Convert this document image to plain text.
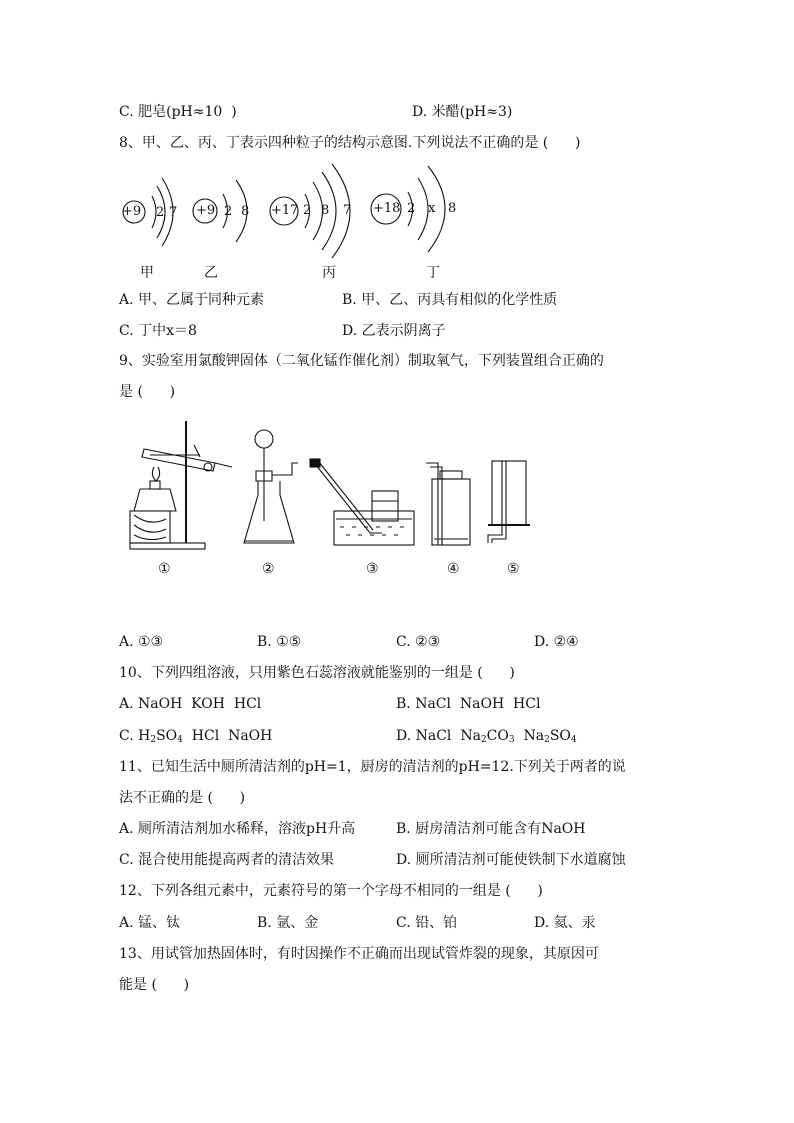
C. 肥皂(pH≈10  )	D. 米醋(pH≈3)
8、甲、乙、丙、丁表示四种粒子的结构示意图.下列说法不正确的是 (      )
+9	+9	+17	+18
2 7	2 8	2 8 7	2 x 8
甲	乙	丙	丁
A. 甲、乙属于同种元素	B. 甲、乙、丙具有相似的化学性质
C. 丁中x＝8	D. 乙表示阴离子
9、实验室用氯酸钾固体（二氧化锰作催化剂）制取氧气，下列装置组合正确的
是 (      )
①	②	③	④	⑤
A. ①③	B. ①⑤	C. ②③	D. ②④
10、下列四组溶液，只用紫色石蕊溶液就能鉴别的一组是 (      )
A. NaOH  KOH  HCl	B. NaCl  NaOH  HCl
C. $H_2SO_4$  HCl  NaOH	D. NaCl  $Na_2CO_3$  $Na_2SO_4$
11、已知生活中厕所清洁剂的pH=1，厨房的清洁剂的pH=12.下列关于两者的说
法不正确的是 (      )
A. 厕所清洁剂加水稀释，溶液pH升高	B. 厨房清洁剂可能含有NaOH
C. 混合使用能提高两者的清洁效果	D. 厕所清洁剂可能使铁制下水道腐蚀
12、下列各组元素中，元素符号的第一个字母不相同的一组是 (      )
A. 锰、钛	B. 氩、金	C. 铅、铂	D. 氦、汞
13、用试管加热固体时，有时因操作不正确而出现试管炸裂的现象，其原因可
能是 (      )
